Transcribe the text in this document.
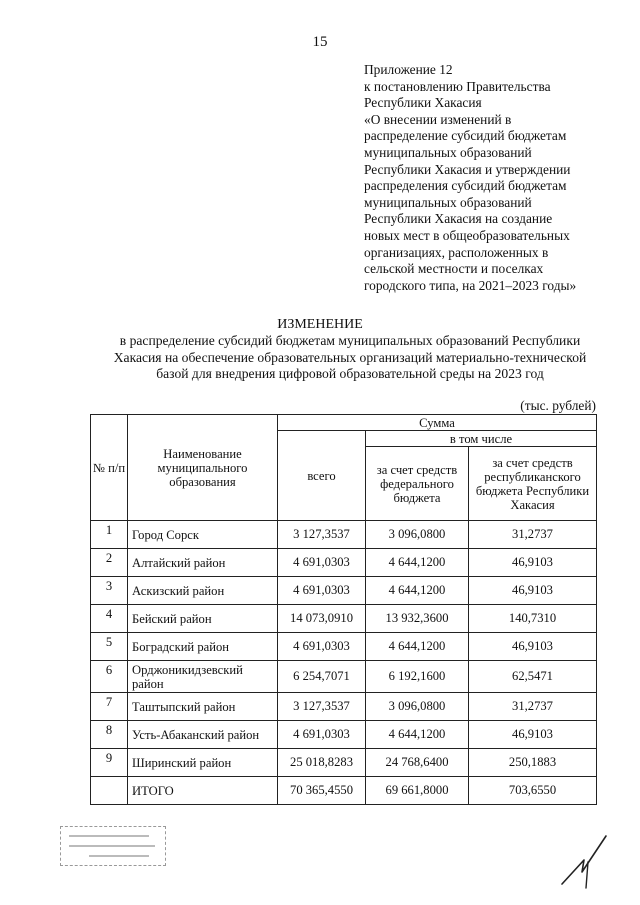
15
Приложение 12
к постановлению Правительства
Республики Хакасия
«О внесении изменений в
распределение субсидий бюджетам
муниципальных образований
Республики Хакасия и утверждении
распределения субсидий бюджетам
муниципальных образований
Республики Хакасия на создание
новых мест в общеобразовательных
организациях, расположенных в
сельской местности и поселках
городского типа, на 2021–2023 годы»
ИЗМЕНЕНИЕ
в распределение субсидий бюджетам муниципальных образований Республики
Хакасия на обеспечение образовательных организаций материально-технической
базой для внедрения цифровой образовательной среды на 2023 год
(тыс. рублей)
№ п/п	Наименование муниципального образования	Сумма		
		всего	в том числе	
			за счет средств федерального бюджета	за счет средств республиканского бюджета Республики Хакасия
1	Город Сорск	3 127,3537	3 096,0800	31,2737
2	Алтайский район	4 691,0303	4 644,1200	46,9103
3	Аскизский район	4 691,0303	4 644,1200	46,9103
4	Бейский район	14 073,0910	13 932,3600	140,7310
5	Боградский район	4 691,0303	4 644,1200	46,9103
6	Орджоникидзевский район	6 254,7071	6 192,1600	62,5471
7	Таштыпский район	3 127,3537	3 096,0800	31,2737
8	Усть-Абаканский район	4 691,0303	4 644,1200	46,9103
9	Ширинский район	25 018,8283	24 768,6400	250,1883
	ИТОГО	70 365,4550	69 661,8000	703,6550
